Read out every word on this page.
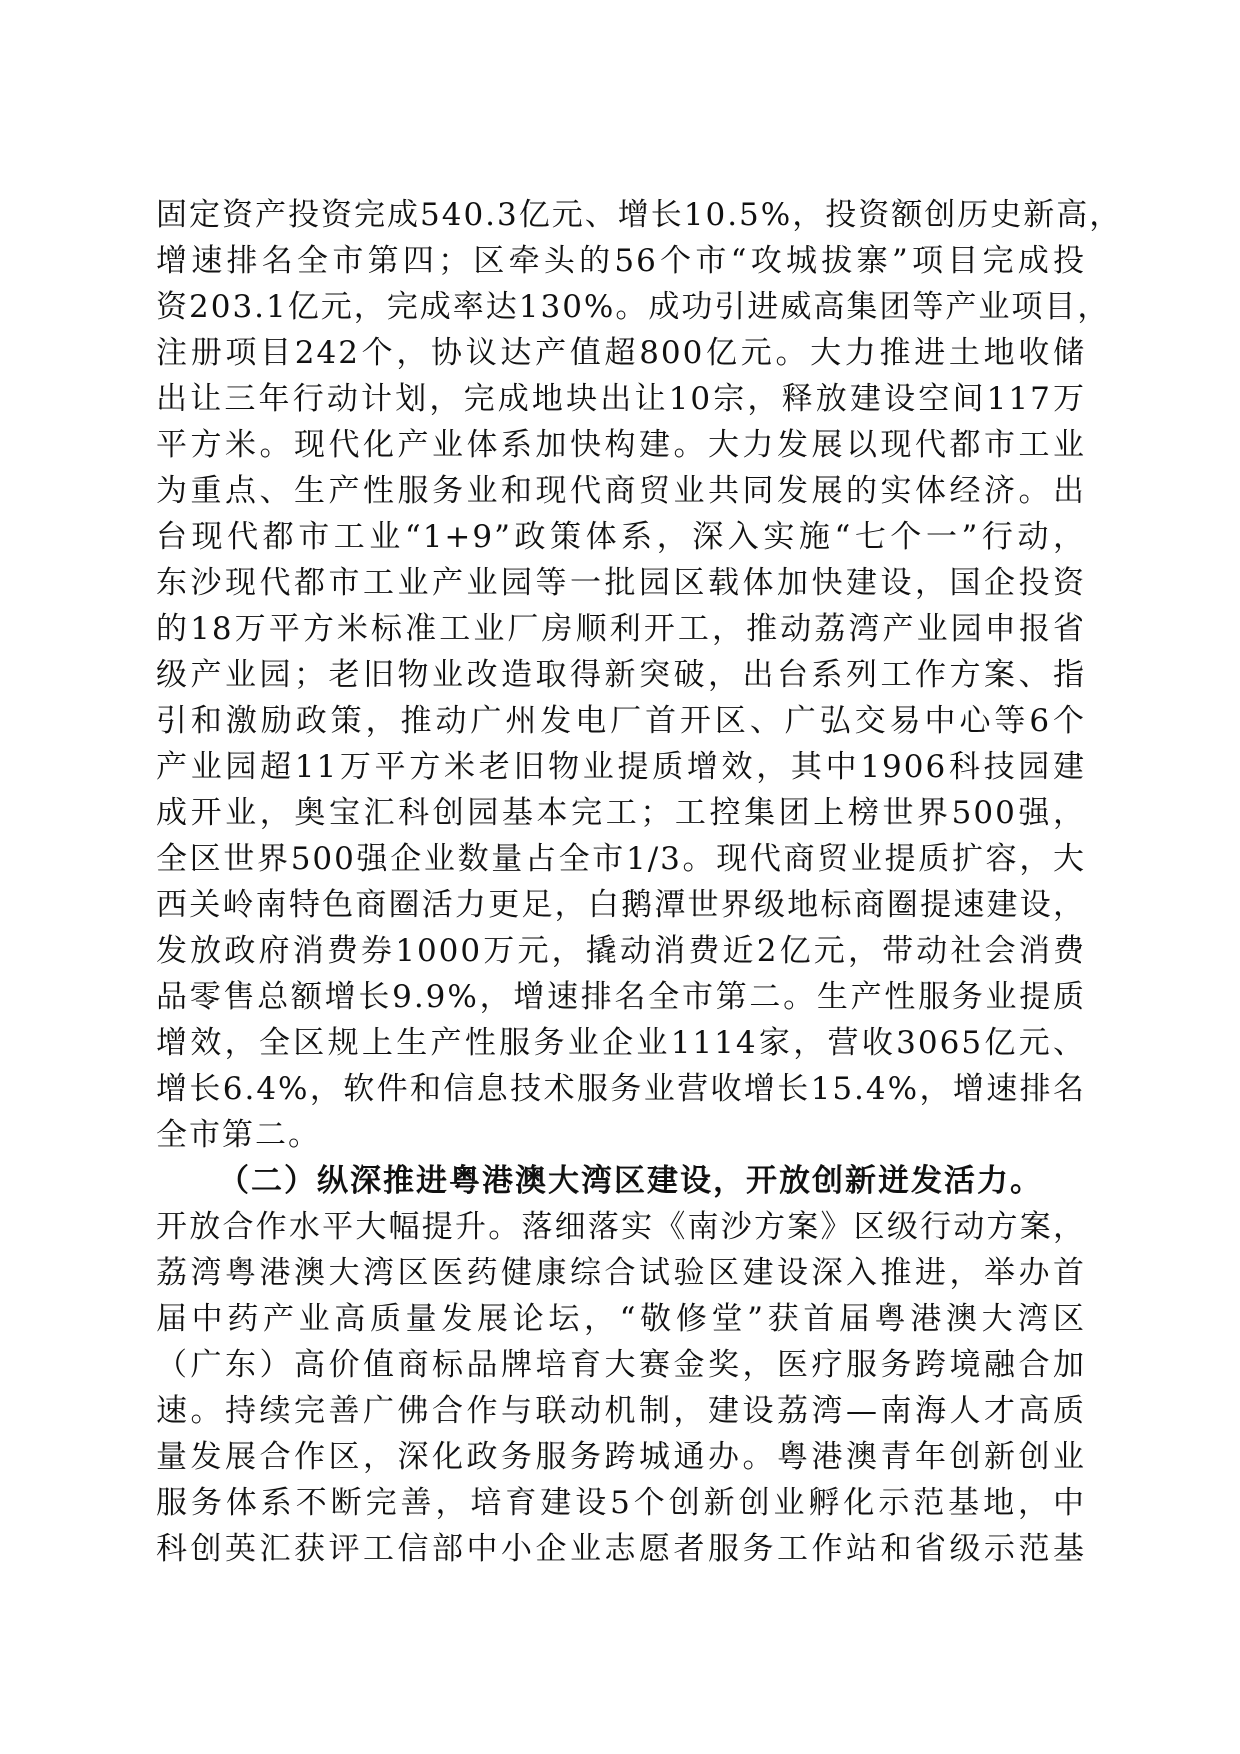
固定资产投资完成540.3亿元、增长10.5%，投资额创历史新高，
增速排名全市第四；区牵头的56个市“攻城拔寨”项目完成投
资203.1亿元，完成率达130%。成功引进威高集团等产业项目，
注册项目242个，协议达产值超800亿元。大力推进土地收储
出让三年行动计划，完成地块出让10宗，释放建设空间117万
平方米。现代化产业体系加快构建。大力发展以现代都市工业
为重点、生产性服务业和现代商贸业共同发展的实体经济。出
台现代都市工业“1+9”政策体系，深入实施“七个一”行动，
东沙现代都市工业产业园等一批园区载体加快建设，国企投资
的18万平方米标准工业厂房顺利开工，推动荔湾产业园申报省
级产业园；老旧物业改造取得新突破，出台系列工作方案、指
引和激励政策，推动广州发电厂首开区、广弘交易中心等6个
产业园超11万平方米老旧物业提质增效，其中1906科技园建
成开业，奥宝汇科创园基本完工；工控集团上榜世界500强，
全区世界500强企业数量占全市1/3。现代商贸业提质扩容，大
西关岭南特色商圈活力更足，白鹅潭世界级地标商圈提速建设，
发放政府消费券1000万元，撬动消费近2亿元，带动社会消费
品零售总额增长9.9%，增速排名全市第二。生产性服务业提质
增效，全区规上生产性服务业企业1114家，营收3065亿元、
增长6.4%，软件和信息技术服务业营收增长15.4%，增速排名
全市第二。
（二）纵深推进粤港澳大湾区建设，开放创新迸发活力。
开放合作水平大幅提升。落细落实《南沙方案》区级行动方案，
荔湾粤港澳大湾区医药健康综合试验区建设深入推进，举办首
届中药产业高质量发展论坛，“敬修堂”获首届粤港澳大湾区
（广东）高价值商标品牌培育大赛金奖，医疗服务跨境融合加
速。持续完善广佛合作与联动机制，建设荔湾—南海人才高质
量发展合作区，深化政务服务跨城通办。粤港澳青年创新创业
服务体系不断完善，培育建设5个创新创业孵化示范基地，中
科创英汇获评工信部中小企业志愿者服务工作站和省级示范基
